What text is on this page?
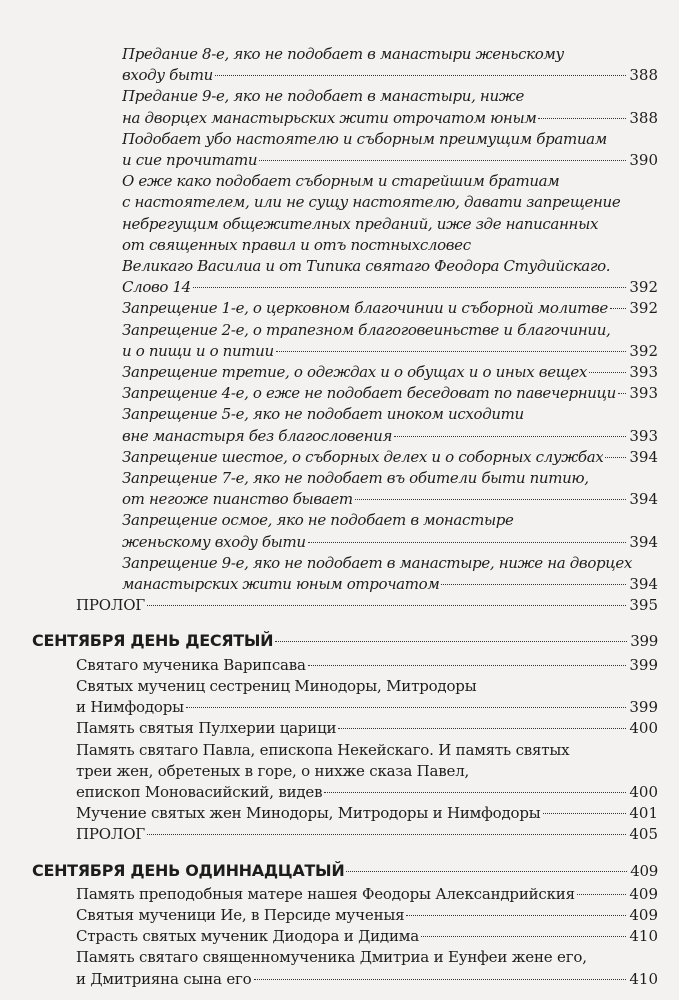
Предание 8-е, яко не подобает в манастыри женьскому
входу быти	388
Предание 9-е, яко не подобает в манастыри, ниже
на дворцех манастырьских жити отрочатом юным	388
Подобает убо настоятелю и съборным преимущим братиам
и сие прочитати	390
О еже како подобает съборным и старейшим братиам
с настоятелем, или не сущу настоятелю, давати запрещение
небрегущим общежителных преданий, иже зде написанных
от священных правил и отъ постныхсловес
Великаго Василиа и от Типика святаго Феодора Студийскаго.
Слово 14	392
Запрещение 1-е, о церковном благочинии и съборной молитве 392
Запрещение 2-е, о трапезном благоговеиньстве и благочинии,
и о пищи и о питии	392
Запрещение третие, о одеждах и о обущах и о иных вещех	393
Запрещение 4-е, о еже не подобает беседоват по павечерници 393
Запрещение 5-е, яко не подобает иноком исходити
вне манастыря без благословения	393
Запрещение шестое, о съборных делех и о соборных службах 394
Запрещение 7-е, яко не подобает въ обители быти питию,
от негоже пианство бывает	394
Запрещение осмое, яко не подобает в монастыре
женьскому входу быти	394
Запрещение 9-е, яко не подобает в манастыре, ниже на дворцех
манастырских жити юным отрочатом	394
ПРОЛОГ	395
СЕНТЯБРЯ ДЕНЬ ДЕСЯТЫЙ	399
Святаго мученика Варипсава	399
Святых мучениц сестрениц Минодоры, Митродоры
и Нимфодоры	399
Память святыя Пулхерии царици	400
Память святаго Павла, епископа Некейскаго. И память святых
треи жен, обретеных в горе, о нихже сказа Павел,
епископ Моновасийский, видев	400
Мучение святых жен Минодоры, Митродоры и Нимфодоры	401
ПРОЛОГ	405
СЕНТЯБРЯ ДЕНЬ ОДИННАДЦАТЫЙ	409
Память преподобныя матере нашея Феодоры Александрийския	409
Святыя мученици Ие, в Персиде мученыя	409
Страсть святых мученик Диодора и Дидима	410
Память святаго священномученика Дмитриа и Еунфеи жене его,
и Дмитрияна сына его	410
